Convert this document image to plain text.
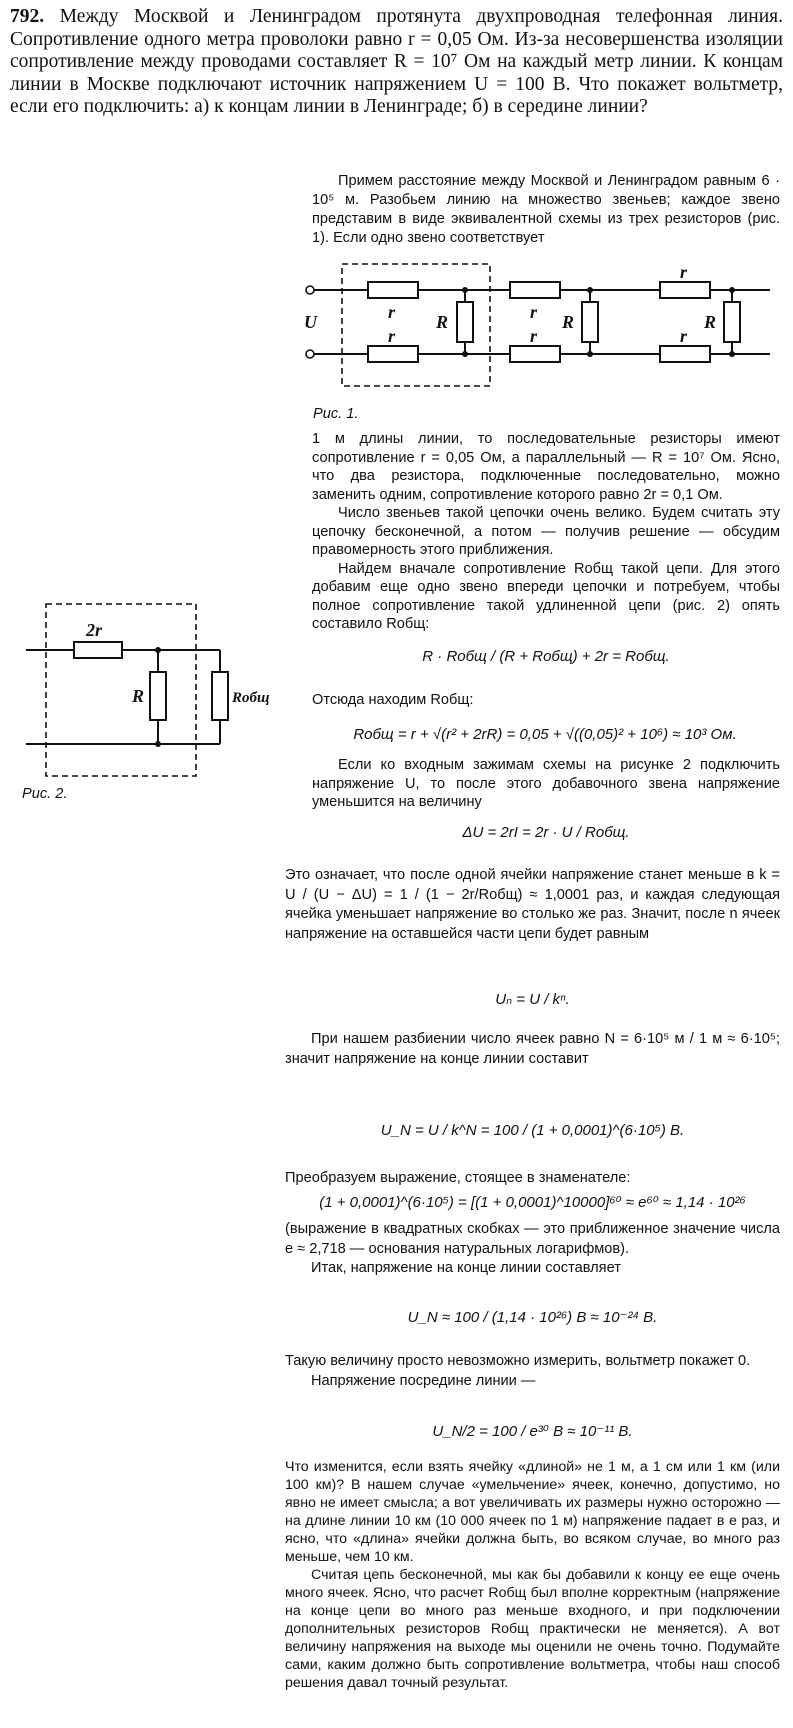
792. Между Москвой и Ленинградом протянута двухпроводная телефонная линия. Сопротивление одного метра проволоки равно r = 0,05 Ом. Из-за несовершенства изоляции сопротивление между проводами составляет R = 10⁷ Ом на каждый метр линии. К концам линии в Москве подключают источник напряжением U = 100 В. Что покажет вольтметр, если его подключить: а) к концам линии в Ленинграде; б) в середине линии?

Примем расстояние между Москвой и Ленинградом равным 6 · 10⁵ м. Разобьем линию на множество звеньев; каждое звено представим в виде эквивалентной схемы из трех резисторов (рис. 1). Если одно звено соответствует

U	r
r
r
r
r
r
R	R	R
Рис. 1.

1 м длины линии, то последовательные резисторы имеют сопротивление r = 0,05 Ом, а параллельный — R = 10⁷ Ом. Ясно, что два резистора, подключенные последовательно, можно заменить одним, сопротивление которого равно 2r = 0,1 Ом.

Число звеньев такой цепочки очень велико. Будем считать эту цепочку бесконечной, а потом — получив решение — обсудим правомерность этого приближения.

Найдем вначале сопротивление Rобщ такой цепи. Для этого добавим еще одно звено впереди цепочки и потребуем, чтобы полное сопротивление такой удлиненной цепи (рис. 2) опять составило Rобщ:

2r
R	Rобщ
Рис. 2.
R · Rобщ / (R + Rобщ) + 2r = Rобщ.

Отсюда находим Rобщ:

Rобщ = r + √(r² + 2rR) = 0,05 + √((0,05)² + 10⁶) ≈ 10³ Ом.

Если ко входным зажимам схемы на рисунке 2 подключить напряжение U, то после этого добавочного звена напряжение уменьшится на величину

ΔU = 2rI = 2r · U / Rобщ.

Это означает, что после одной ячейки напряжение станет меньше в k = U / (U − ΔU) = 1 / (1 − 2r/Rобщ) ≈ 1,0001 раз, и каждая следующая ячейка уменьшает напряжение во столько же раз. Значит, после n ячеек напряжение на оставшейся части цепи будет равным

Uₙ = U / kⁿ.

При нашем разбиении число ячеек равно N = 6·10⁵ м / 1 м ≈ 6·10⁵; значит напряжение на конце линии составит

U_N = U / k^N = 100 / (1 + 0,0001)^(6·10⁵) В.

Преобразуем выражение, стоящее в знаменателе:

(1 + 0,0001)^(6·10⁵) = [(1 + 0,0001)^10000]⁶⁰ ≈ e⁶⁰ ≈ 1,14 · 10²⁶

(выражение в квадратных скобках — это приближенное значение числа e ≈ 2,718 — основания натуральных логарифмов).

Итак, напряжение на конце линии составляет

U_N ≈ 100 / (1,14 · 10²⁶) В ≈ 10⁻²⁴ В.

Такую величину просто невозможно измерить, вольтметр покажет 0.

Напряжение посредине линии —

U_N/2 = 100 / e³⁰ В ≈ 10⁻¹¹ В.

Что изменится, если взять ячейку «длиной» не 1 м, а 1 см или 1 км (или 100 км)? В нашем случае «умельчение» ячеек, конечно, допустимо, но явно не имеет смысла; а вот увеличивать их размеры нужно осторожно — на длине линии 10 км (10 000 ячеек по 1 м) напряжение падает в e раз, и ясно, что «длина» ячейки должна быть, во всяком случае, во много раз меньше, чем 10 км.

Считая цепь бесконечной, мы как бы добавили к концу ее еще очень много ячеек. Ясно, что расчет Rобщ был вполне корректным (напряжение на конце цепи во много раз меньше входного, и при подключении дополнительных резисторов Rобщ практически не меняется). А вот величину напряжения на выходе мы оценили не очень точно. Подумайте сами, каким должно быть сопротивление вольтметра, чтобы наш способ решения давал точный результат.
